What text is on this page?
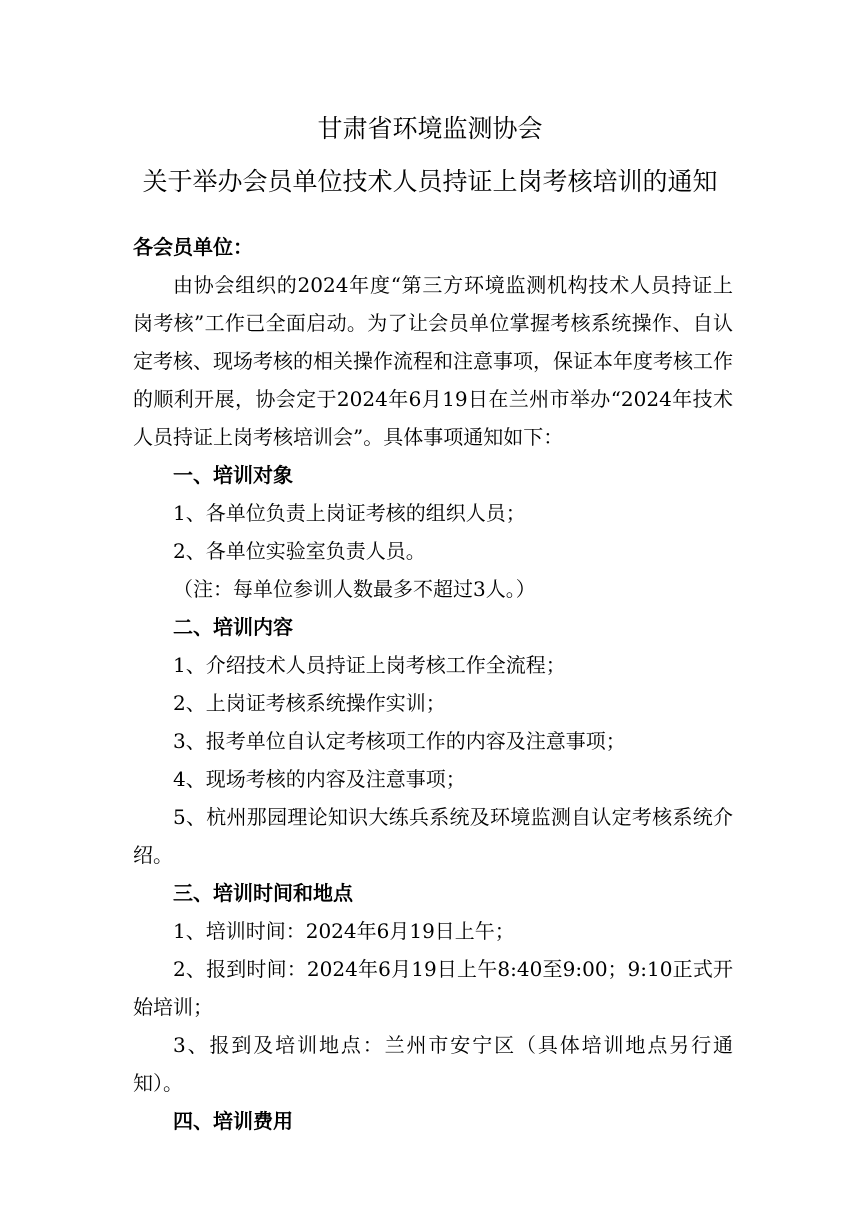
甘肃省环境监测协会
关于举办会员单位技术人员持证上岗考核培训的通知

各会员单位：

由协会组织的2024年度“第三方环境监测机构技术人员持证上岗考核”工作已全面启动。为了让会员单位掌握考核系统操作、自认定考核、现场考核的相关操作流程和注意事项，保证本年度考核工作的顺利开展，协会定于2024年6月19日在兰州市举办“2024年技术人员持证上岗考核培训会”。具体事项通知如下：

一、培训对象

1、各单位负责上岗证考核的组织人员；

2、各单位实验室负责人员。

（注：每单位参训人数最多不超过3人。）

二、培训内容

1、介绍技术人员持证上岗考核工作全流程；

2、上岗证考核系统操作实训；

3、报考单位自认定考核项工作的内容及注意事项；

4、现场考核的内容及注意事项；

5、杭州那园理论知识大练兵系统及环境监测自认定考核系统介绍。

三、培训时间和地点

1、培训时间：2024年6月19日上午；

2、报到时间：2024年6月19日上午8:40至9:00；9:10正式开始培训；

3、报到及培训地点：兰州市安宁区（具体培训地点另行通知）。

四、培训费用
